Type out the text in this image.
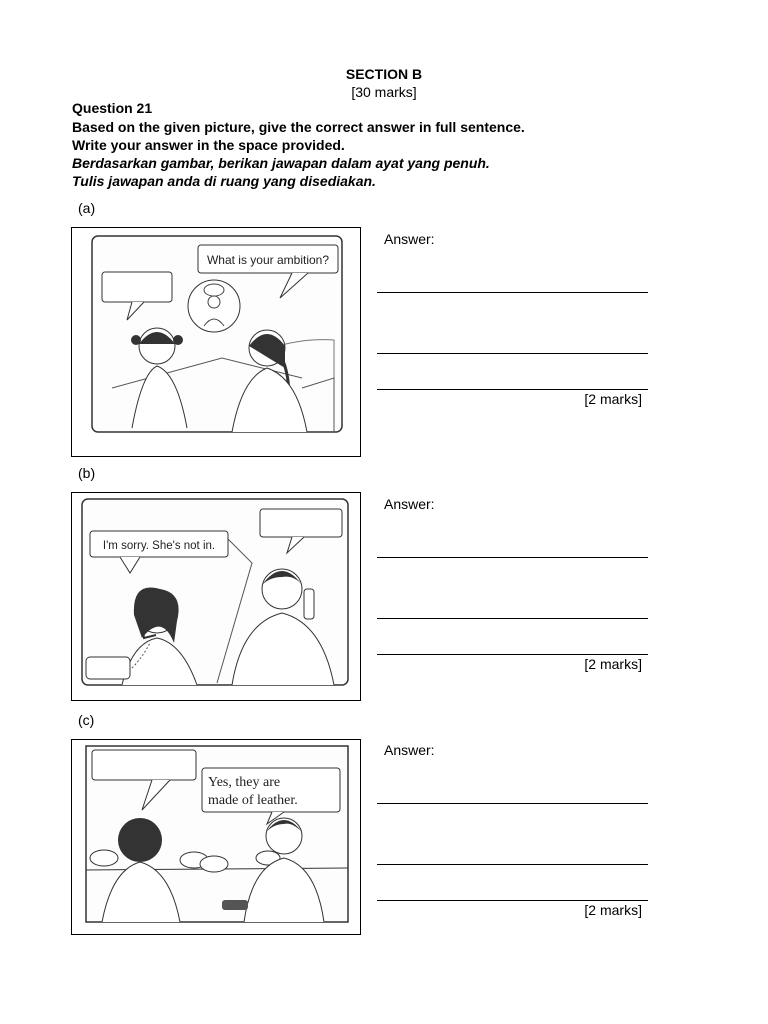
SECTION B
[30 marks]
Question 21
Based on the given picture, give the correct answer in full sentence.
Write your answer in the space provided.
Berdasarkan gambar, berikan jawapan dalam ayat yang penuh.
Tulis jawapan anda di ruang yang disediakan.
(a)
What is your ambition?
Answer:
[2 marks]
(b)
I'm sorry. She's not in.
Answer:
[2 marks]
(c)
Yes, they are
made of leather.
Answer:
[2 marks]
